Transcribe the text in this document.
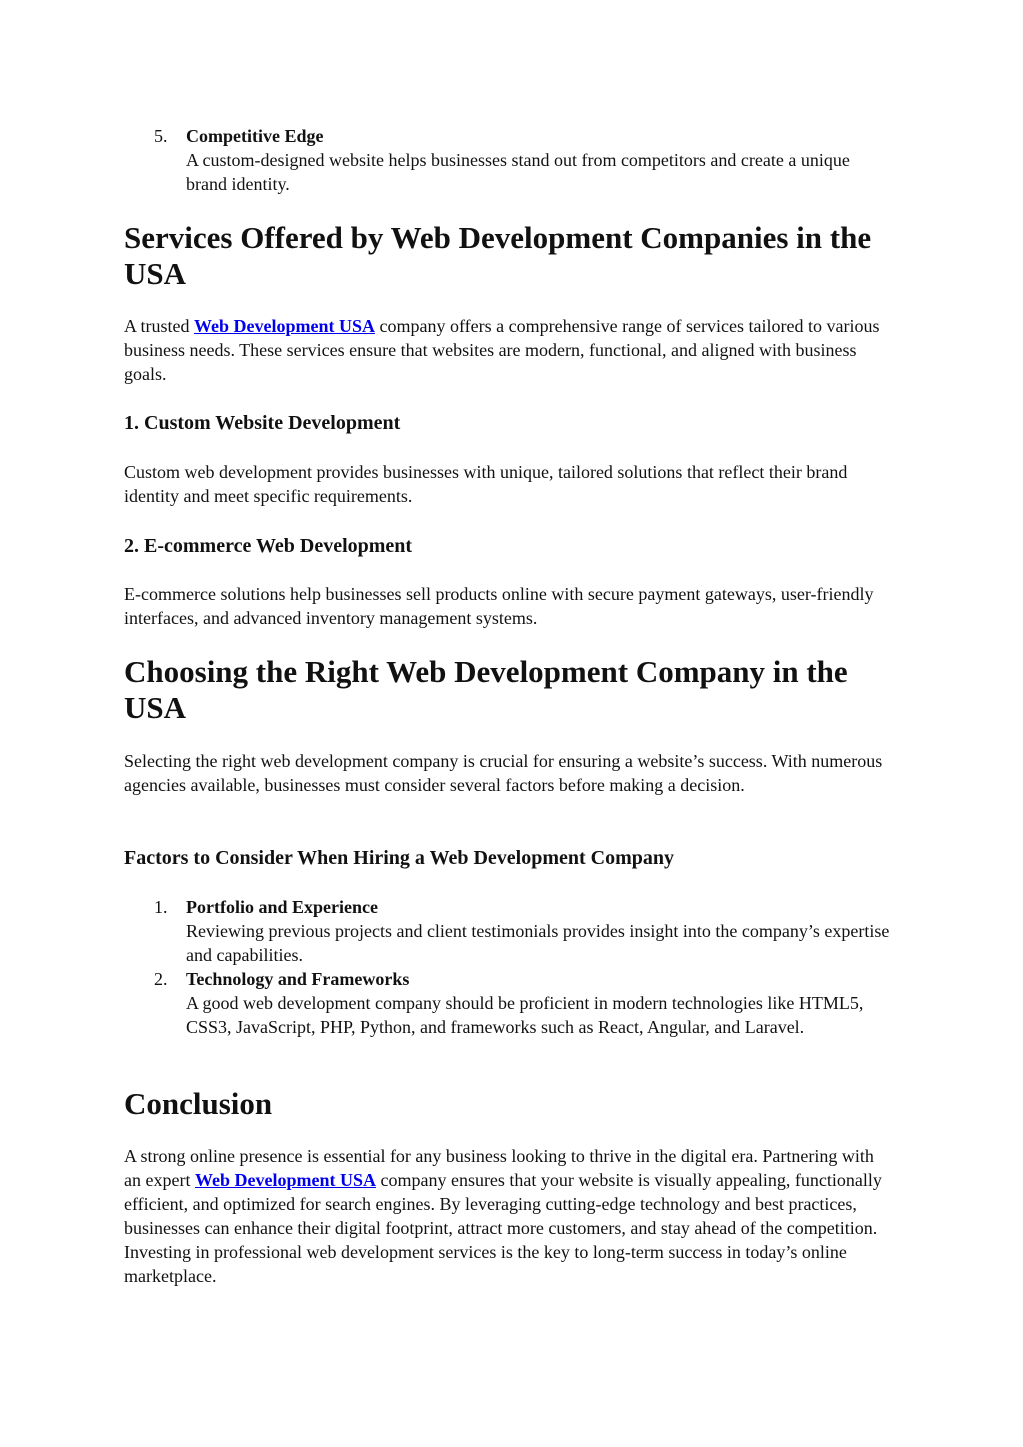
5. Competitive Edge
A custom-designed website helps businesses stand out from competitors and create a unique brand identity.
Services Offered by Web Development Companies in the USA

A trusted Web Development USA company offers a comprehensive range of services tailored to various business needs. These services ensure that websites are modern, functional, and aligned with business goals.

1. Custom Website Development

Custom web development provides businesses with unique, tailored solutions that reflect their brand identity and meet specific requirements.

2. E-commerce Web Development

E-commerce solutions help businesses sell products online with secure payment gateways, user-friendly interfaces, and advanced inventory management systems.

Choosing the Right Web Development Company in the USA

Selecting the right web development company is crucial for ensuring a website’s success. With numerous agencies available, businesses must consider several factors before making a decision.

Factors to Consider When Hiring a Web Development Company
1. Portfolio and Experience
Reviewing previous projects and client testimonials provides insight into the company’s expertise and capabilities.
2. Technology and Frameworks
A good web development company should be proficient in modern technologies like HTML5, CSS3, JavaScript, PHP, Python, and frameworks such as React, Angular, and Laravel.
Conclusion

A strong online presence is essential for any business looking to thrive in the digital era. Partnering with an expert Web Development USA company ensures that your website is visually appealing, functionally efficient, and optimized for search engines. By leveraging cutting-edge technology and best practices, businesses can enhance their digital footprint, attract more customers, and stay ahead of the competition. Investing in professional web development services is the key to long-term success in today’s online marketplace.
